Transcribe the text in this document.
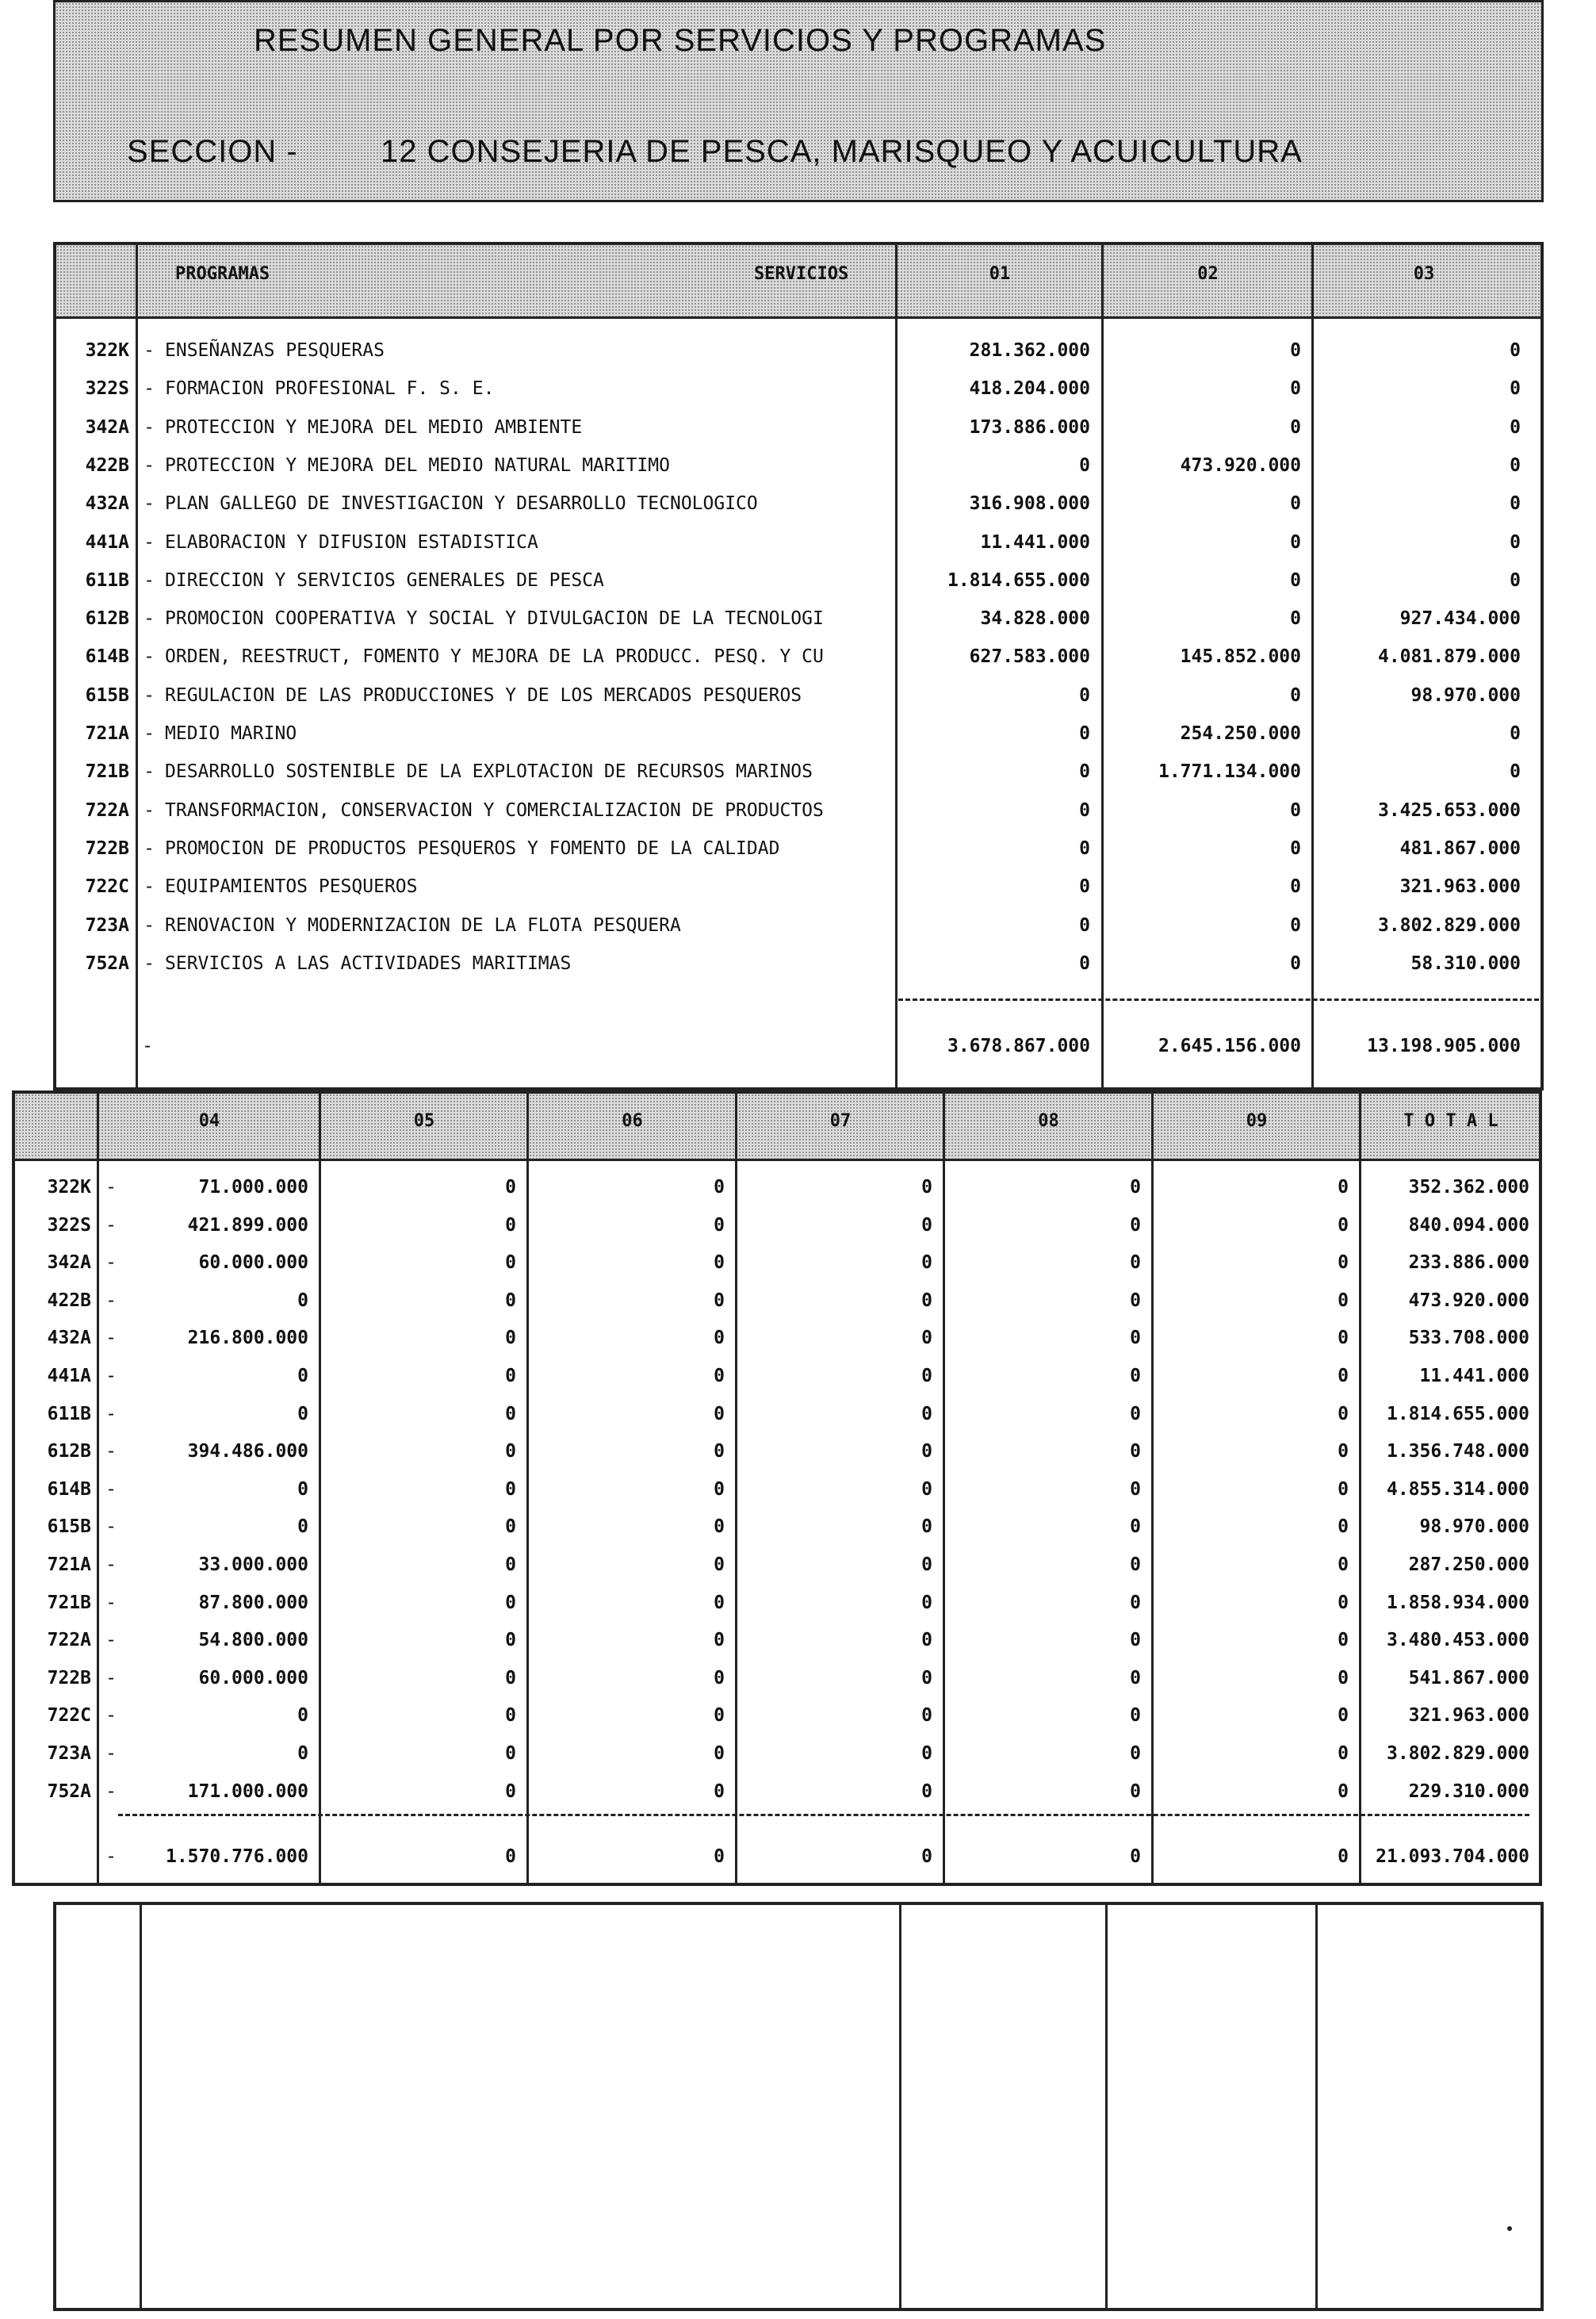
RESUMEN GENERAL POR SERVICIOS Y PROGRAMAS
SECCION -	12 CONSEJERIA DE PESCA, MARISQUEO Y ACUICULTURA
PROGRAMAS	SERVICIOS	01	02	03
322K - ENSEÑANZAS PESQUERAS	281.362.000	0	0
322S - FORMACION PROFESIONAL F. S. E.	418.204.000	0	0
342A - PROTECCION Y MEJORA DEL MEDIO AMBIENTE	173.886.000	0	0
422B - PROTECCION Y MEJORA DEL MEDIO NATURAL MARITIMO	0	473.920.000	0
432A - PLAN GALLEGO DE INVESTIGACION Y DESARROLLO TECNOLOGICO	316.908.000	0	0
441A - ELABORACION Y DIFUSION ESTADISTICA	11.441.000	0	0
611B - DIRECCION Y SERVICIOS GENERALES DE PESCA	1.814.655.000	0	0
612B - PROMOCION COOPERATIVA Y SOCIAL Y DIVULGACION DE LA TECNOLOGI	34.828.000	0	927.434.000
614B - ORDEN, REESTRUCT, FOMENTO Y MEJORA DE LA PRODUCC. PESQ. Y CU	627.583.000	145.852.000	4.081.879.000
615B - REGULACION DE LAS PRODUCCIONES Y DE LOS MERCADOS PESQUEROS	0	0	98.970.000
721A - MEDIO MARINO	0	254.250.000	0
721B - DESARROLLO SOSTENIBLE DE LA EXPLOTACION DE RECURSOS MARINOS	0	1.771.134.000	0
722A - TRANSFORMACION, CONSERVACION Y COMERCIALIZACION DE PRODUCTOS	0	0	3.425.653.000
722B - PROMOCION DE PRODUCTOS PESQUEROS Y FOMENTO DE LA CALIDAD	0	0	481.867.000
722C - EQUIPAMIENTOS PESQUEROS	0	0	321.963.000
723A - RENOVACION Y MODERNIZACION DE LA FLOTA PESQUERA	0	0	3.802.829.000
752A - SERVICIOS A LAS ACTIVIDADES MARITIMAS	0	0	58.310.000
-	3.678.867.000	2.645.156.000	13.198.905.000
04	05	06	07	08	09	T O T A L
322K -	71.000.000	0	0	0	0	0	352.362.000
322S -	421.899.000	0	0	0	0	0	840.094.000
342A -	60.000.000	0	0	0	0	0	233.886.000
422B -	0	0	0	0	0	0	473.920.000
432A -	216.800.000	0	0	0	0	0	533.708.000
441A -	0	0	0	0	0	0	11.441.000
611B -	0	0	0	0	0	0	1.814.655.000
612B -	394.486.000	0	0	0	0	0	1.356.748.000
614B -	0	0	0	0	0	0	4.855.314.000
615B -	0	0	0	0	0	0	98.970.000
721A -	33.000.000	0	0	0	0	0	287.250.000
721B -	87.800.000	0	0	0	0	0	1.858.934.000
722A -	54.800.000	0	0	0	0	0	3.480.453.000
722B -	60.000.000	0	0	0	0	0	541.867.000
722C -	0	0	0	0	0	0	321.963.000
723A -	0	0	0	0	0	0	3.802.829.000
752A -	171.000.000	0	0	0	0	0	229.310.000
-	1.570.776.000	0	0	0	0	0	21.093.704.000
